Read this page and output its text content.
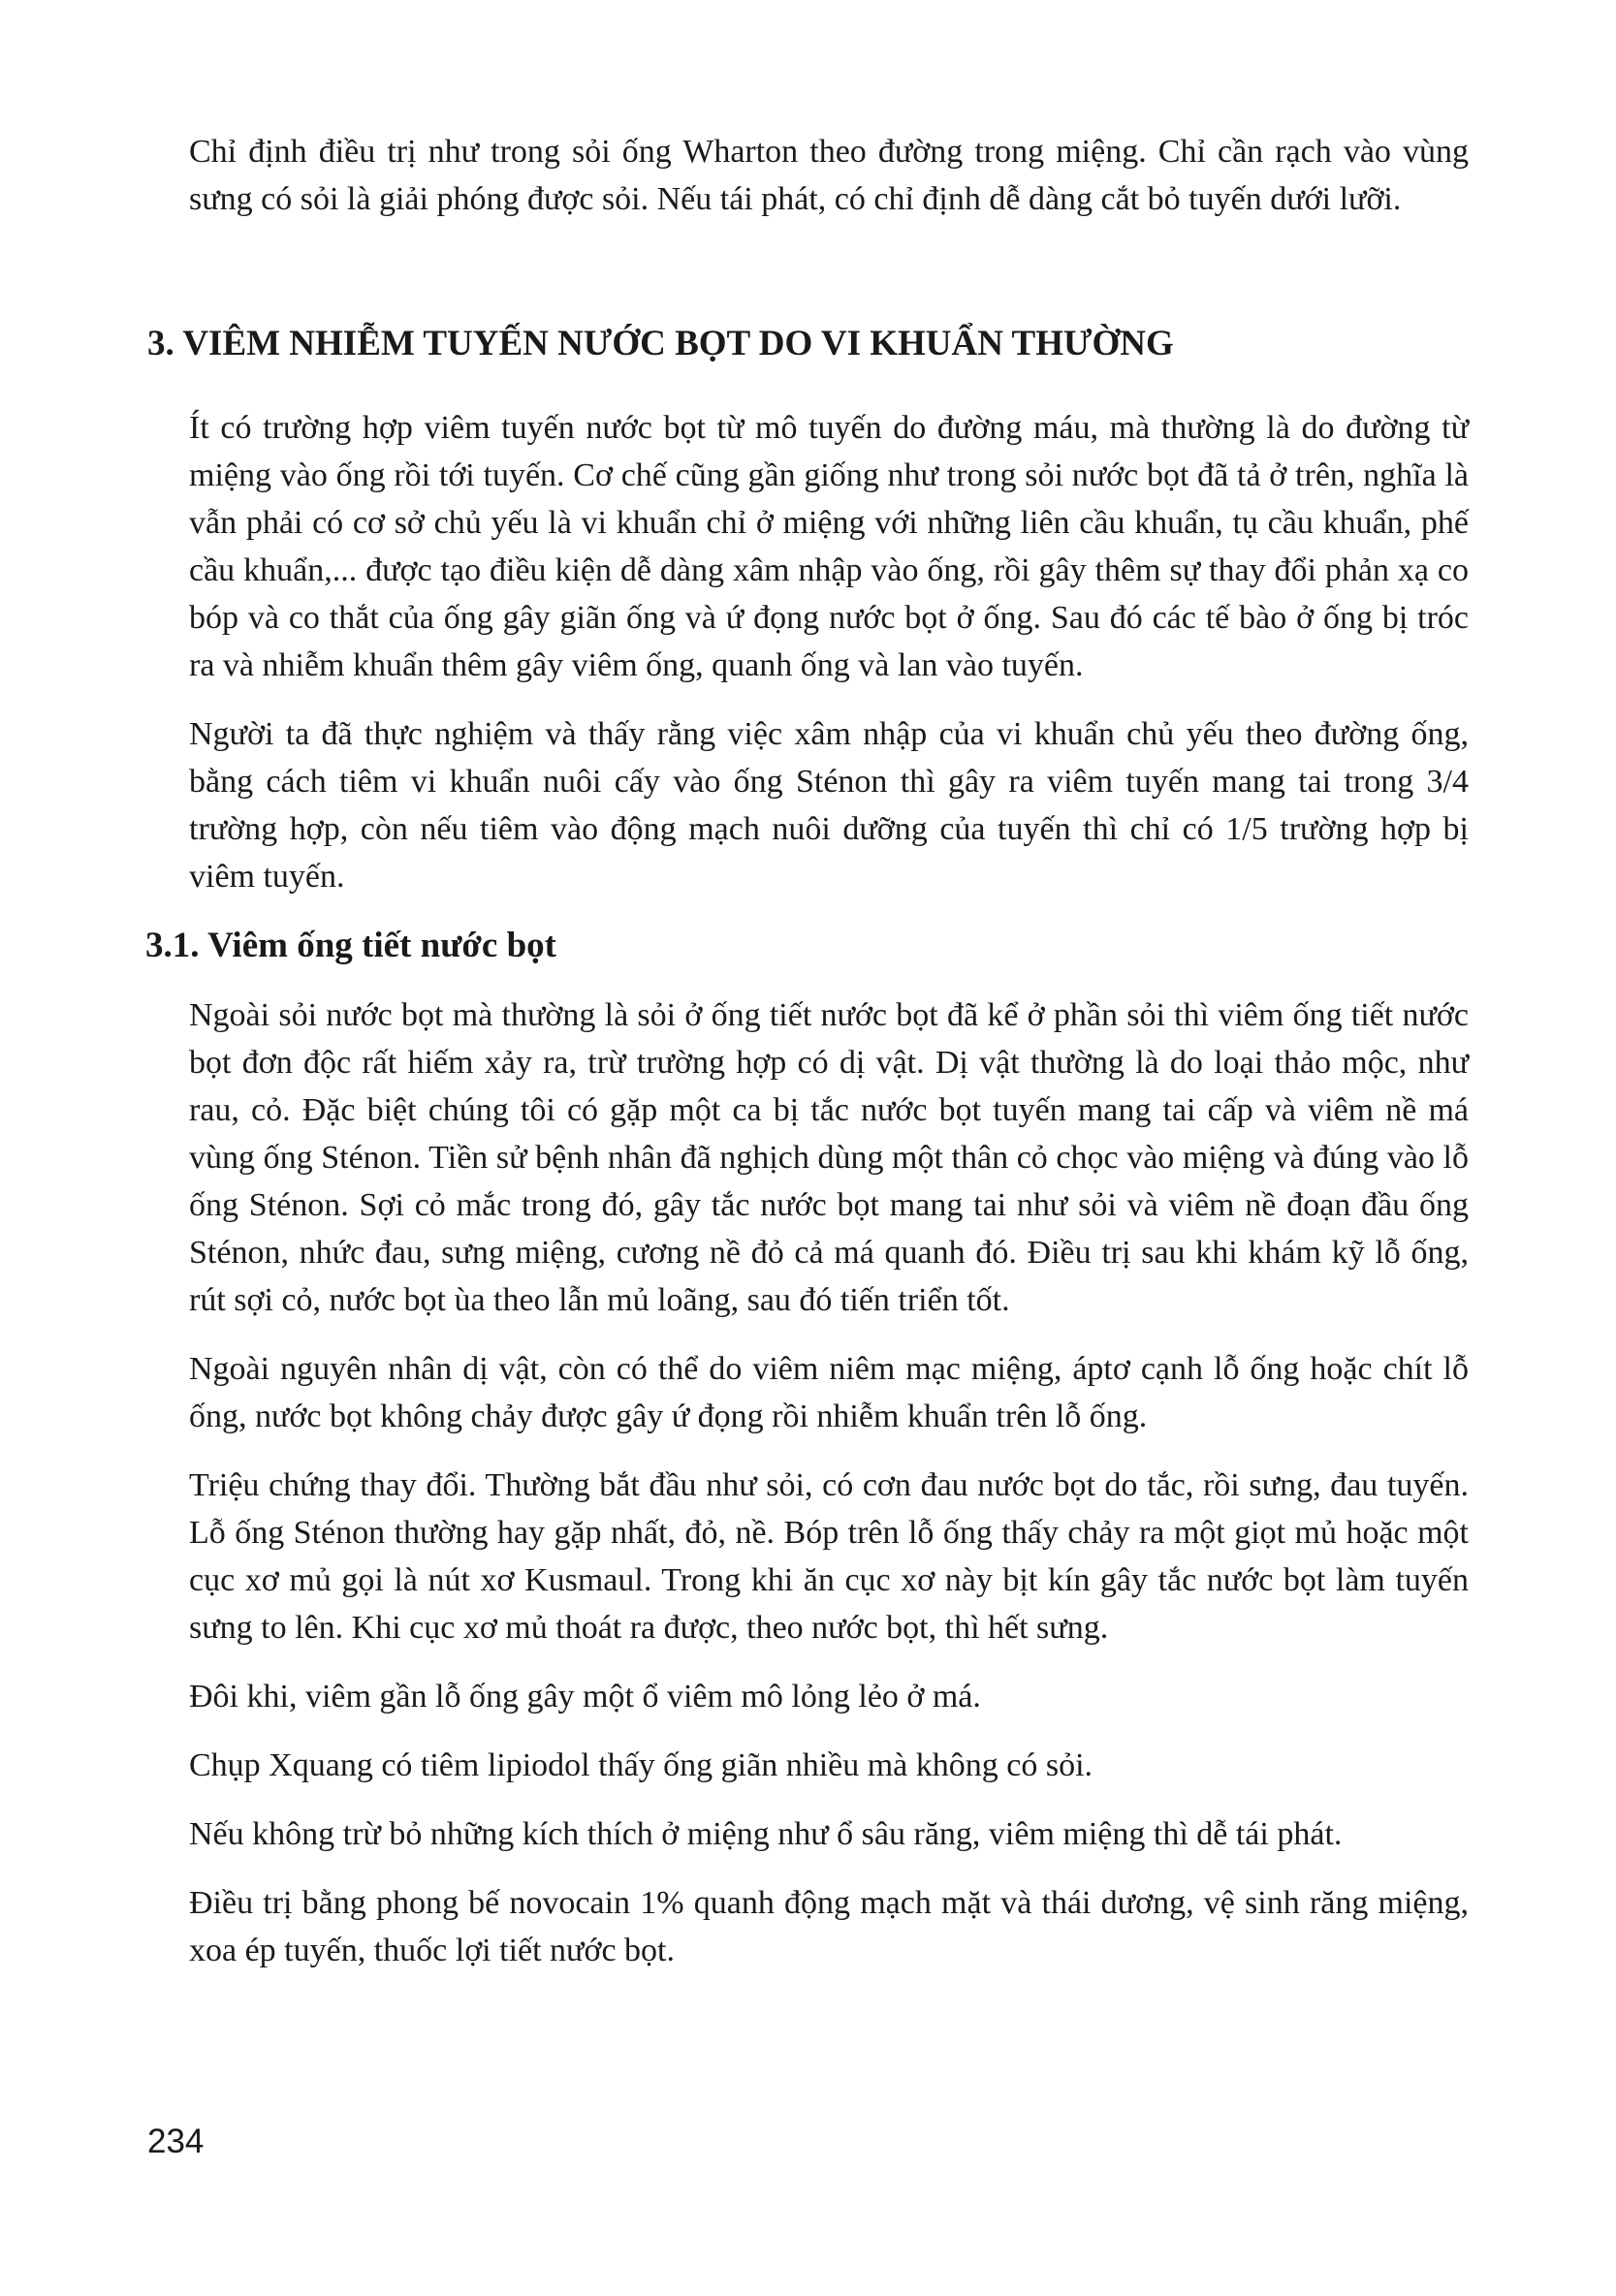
Chỉ định điều trị như trong sỏi ống Wharton theo đường trong miệng. Chỉ cần rạch vào vùng sưng có sỏi là giải phóng được sỏi. Nếu tái phát, có chỉ định dễ dàng cắt bỏ tuyến dưới lưỡi.

3. VIÊM NHIỄM TUYẾN NƯỚC BỌT DO VI KHUẨN THƯỜNG

Ít có trường hợp viêm tuyến nước bọt từ mô tuyến do đường máu, mà thường là do đường từ miệng vào ống rồi tới tuyến. Cơ chế cũng gần giống như trong sỏi nước bọt đã tả ở trên, nghĩa là vẫn phải có cơ sở chủ yếu là vi khuẩn chỉ ở miệng với những liên cầu khuẩn, tụ cầu khuẩn, phế cầu khuẩn,... được tạo điều kiện dễ dàng xâm nhập vào ống, rồi gây thêm sự thay đổi phản xạ co bóp và co thắt của ống gây giãn ống và ứ đọng nước bọt ở ống. Sau đó các tế bào ở ống bị tróc ra và nhiễm khuẩn thêm gây viêm ống, quanh ống và lan vào tuyến.

Người ta đã thực nghiệm và thấy rằng việc xâm nhập của vi khuẩn chủ yếu theo đường ống, bằng cách tiêm vi khuẩn nuôi cấy vào ống Sténon thì gây ra viêm tuyến mang tai trong 3/4 trường hợp, còn nếu tiêm vào động mạch nuôi dưỡng của tuyến thì chỉ có 1/5 trường hợp bị viêm tuyến.

3.1. Viêm ống tiết nước bọt

Ngoài sỏi nước bọt mà thường là sỏi ở ống tiết nước bọt đã kể ở phần sỏi thì viêm ống tiết nước bọt đơn độc rất hiếm xảy ra, trừ trường hợp có dị vật. Dị vật thường là do loại thảo mộc, như rau, cỏ. Đặc biệt chúng tôi có gặp một ca bị tắc nước bọt tuyến mang tai cấp và viêm nề má vùng ống Sténon. Tiền sử bệnh nhân đã nghịch dùng một thân cỏ chọc vào miệng và đúng vào lỗ ống Sténon. Sợi cỏ mắc trong đó, gây tắc nước bọt mang tai như sỏi và viêm nề đoạn đầu ống Sténon, nhức đau, sưng miệng, cương nề đỏ cả má quanh đó. Điều trị sau khi khám kỹ lỗ ống, rút sợi cỏ, nước bọt ùa theo lẫn mủ loãng, sau đó tiến triển tốt.

Ngoài nguyên nhân dị vật, còn có thể do viêm niêm mạc miệng, áptơ cạnh lỗ ống hoặc chít lỗ ống, nước bọt không chảy được gây ứ đọng rồi nhiễm khuẩn trên lỗ ống.

Triệu chứng thay đổi. Thường bắt đầu như sỏi, có cơn đau nước bọt do tắc, rồi sưng, đau tuyến. Lỗ ống Sténon thường hay gặp nhất, đỏ, nề. Bóp trên lỗ ống thấy chảy ra một giọt mủ hoặc một cục xơ mủ gọi là nút xơ Kusmaul. Trong khi ăn cục xơ này bịt kín gây tắc nước bọt làm tuyến sưng to lên. Khi cục xơ mủ thoát ra được, theo nước bọt, thì hết sưng.

Đôi khi, viêm gần lỗ ống gây một ổ viêm mô lỏng lẻo ở má.

Chụp Xquang có tiêm lipiodol thấy ống giãn nhiều mà không có sỏi.

Nếu không trừ bỏ những kích thích ở miệng như ổ sâu răng, viêm miệng thì dễ tái phát.

Điều trị bằng phong bế novocain 1% quanh động mạch mặt và thái dương, vệ sinh răng miệng, xoa ép tuyến, thuốc lợi tiết nước bọt.

234
